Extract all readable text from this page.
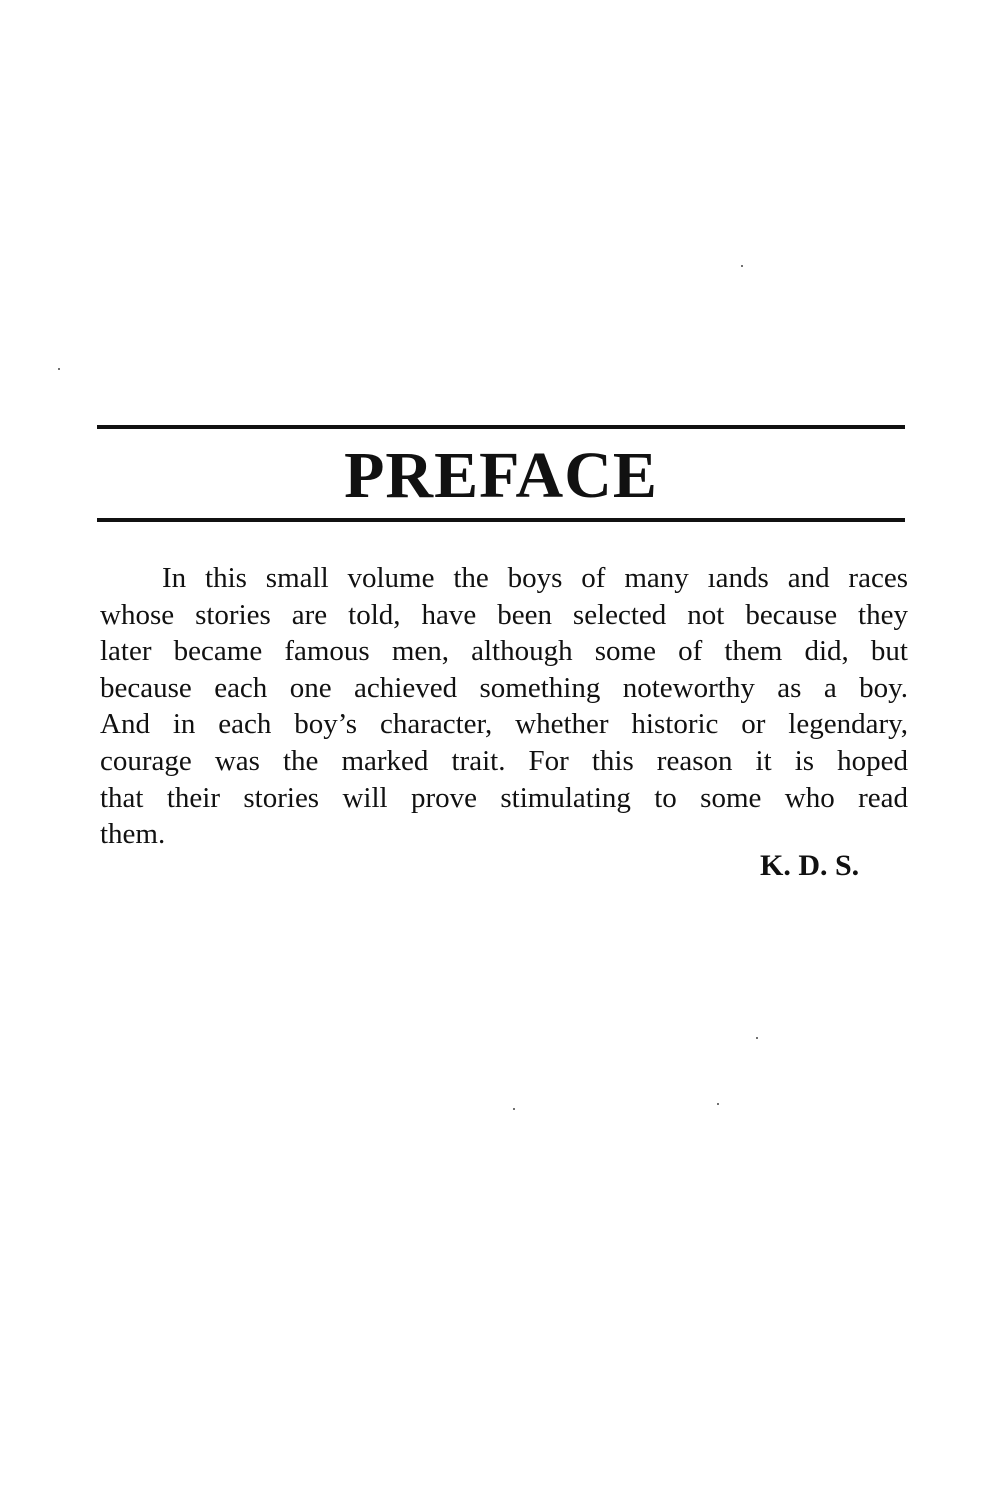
PREFACE
In this small volume the boys of many ıands and races
whose stories are told, have been selected not because they
later became famous men, although some of them did, but
because each one achieved something noteworthy as a boy.
And in each boy’s character, whether historic or legendary,
courage was the marked trait. For this reason it is hoped
that their stories will prove stimulating to some who read
them.

K. D. S.
